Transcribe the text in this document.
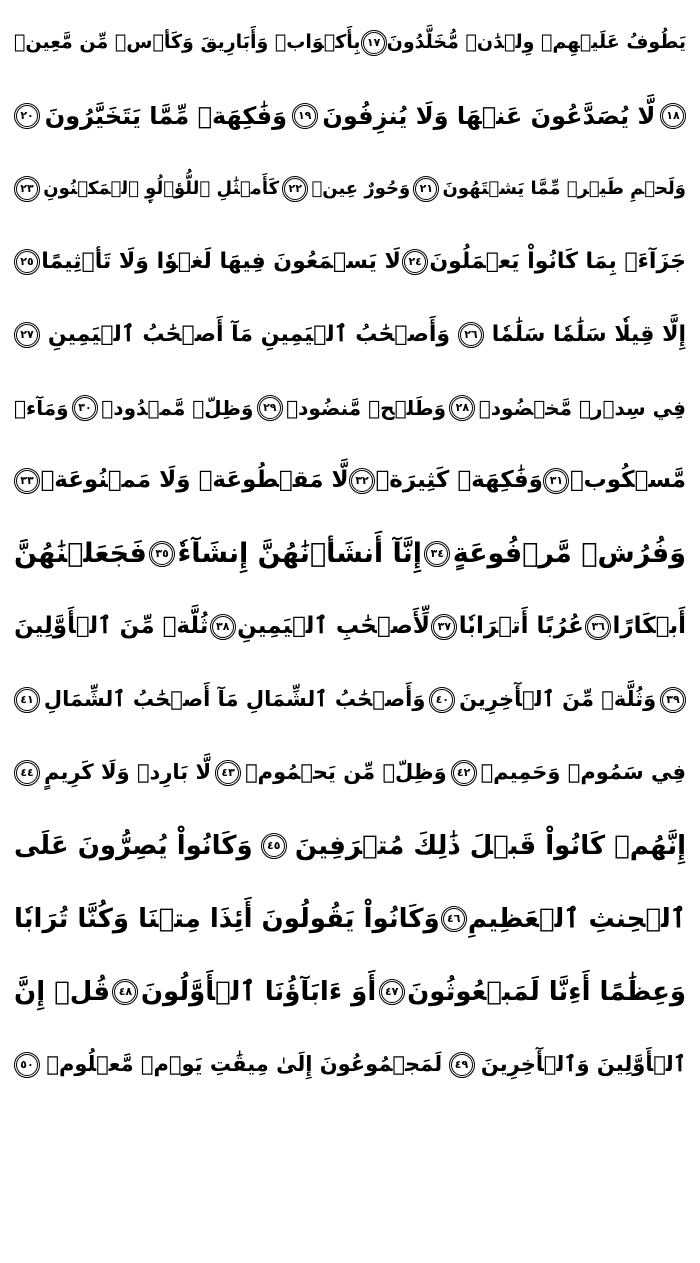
يَطُوفُ عَلَيۡهِمۡ وِلۡدَٰنٞ مُّخَلَّدُونَ
١٧
بِأَكۡوَابٖ وَأَبَارِيقَ وَكَأۡسٖ مِّن مَّعِينٖ
١٨
لَّا يُصَدَّعُونَ عَنۡهَا وَلَا يُنزِفُونَ
١٩
وَفَٰكِهَةٖ مِّمَّا يَتَخَيَّرُونَ
٢٠
وَلَحۡمِ طَيۡرٖ مِّمَّا يَشۡتَهُونَ
٢١
وَحُورٌ عِينٞ
٢٢
كَأَمۡثَٰلِ ٱللُّؤۡلُوِٕ ٱلۡمَكۡنُونِ
٢٣
جَزَآءَۢ بِمَا كَانُواْ يَعۡمَلُونَ
٢٤
لَا يَسۡمَعُونَ فِيهَا لَغۡوٗا وَلَا تَأۡثِيمًا
٢٥
إِلَّا قِيلٗا سَلَٰمٗا سَلَٰمٗا
٢٦
وَأَصۡحَٰبُ ٱلۡيَمِينِ مَآ أَصۡحَٰبُ ٱلۡيَمِينِ
٢٧
فِي سِدۡرٖ مَّخۡضُودٖ
٢٨
وَطَلۡحٖ مَّنضُودٖ
٢٩
وَظِلّٖ مَّمۡدُودٖ
٣٠
وَمَآءٖ
مَّسۡكُوبٖ
٣١
وَفَٰكِهَةٖ كَثِيرَةٖ
٣٢
لَّا مَقۡطُوعَةٖ وَلَا مَمۡنُوعَةٖ
٣٣
وَفُرُشٖ مَّرۡفُوعَةٍ
٣٤
إِنَّآ أَنشَأۡنَٰهُنَّ إِنشَآءٗ
٣٥
فَجَعَلۡنَٰهُنَّ
أَبۡكَارًا
٣٦
عُرُبًا أَتۡرَابٗا
٣٧
لِّأَصۡحَٰبِ ٱلۡيَمِينِ
٣٨
ثُلَّةٞ مِّنَ ٱلۡأَوَّلِينَ
٣٩
وَثُلَّةٞ مِّنَ ٱلۡأٓخِرِينَ
٤٠
وَأَصۡحَٰبُ ٱلشِّمَالِ مَآ أَصۡحَٰبُ ٱلشِّمَالِ
٤١
فِي سَمُومٖ وَحَمِيمٖ
٤٢
وَظِلّٖ مِّن يَحۡمُومٖ
٤٣
لَّا بَارِدٖ وَلَا كَرِيمٍ
٤٤
إِنَّهُمۡ كَانُواْ قَبۡلَ ذَٰلِكَ مُتۡرَفِينَ
٤٥
وَكَانُواْ يُصِرُّونَ عَلَى
ٱلۡحِنثِ ٱلۡعَظِيمِ
٤٦
وَكَانُواْ يَقُولُونَ أَئِذَا مِتۡنَا وَكُنَّا تُرَابٗا
وَعِظَٰمًا أَءِنَّا لَمَبۡعُوثُونَ
٤٧
أَوَ ءَابَآؤُنَا ٱلۡأَوَّلُونَ
٤٨
قُلۡ إِنَّ
ٱلۡأَوَّلِينَ وَٱلۡأٓخِرِينَ
٤٩
لَمَجۡمُوعُونَ إِلَىٰ مِيقَٰتِ يَوۡمٖ مَّعۡلُومٖ
٥٠
